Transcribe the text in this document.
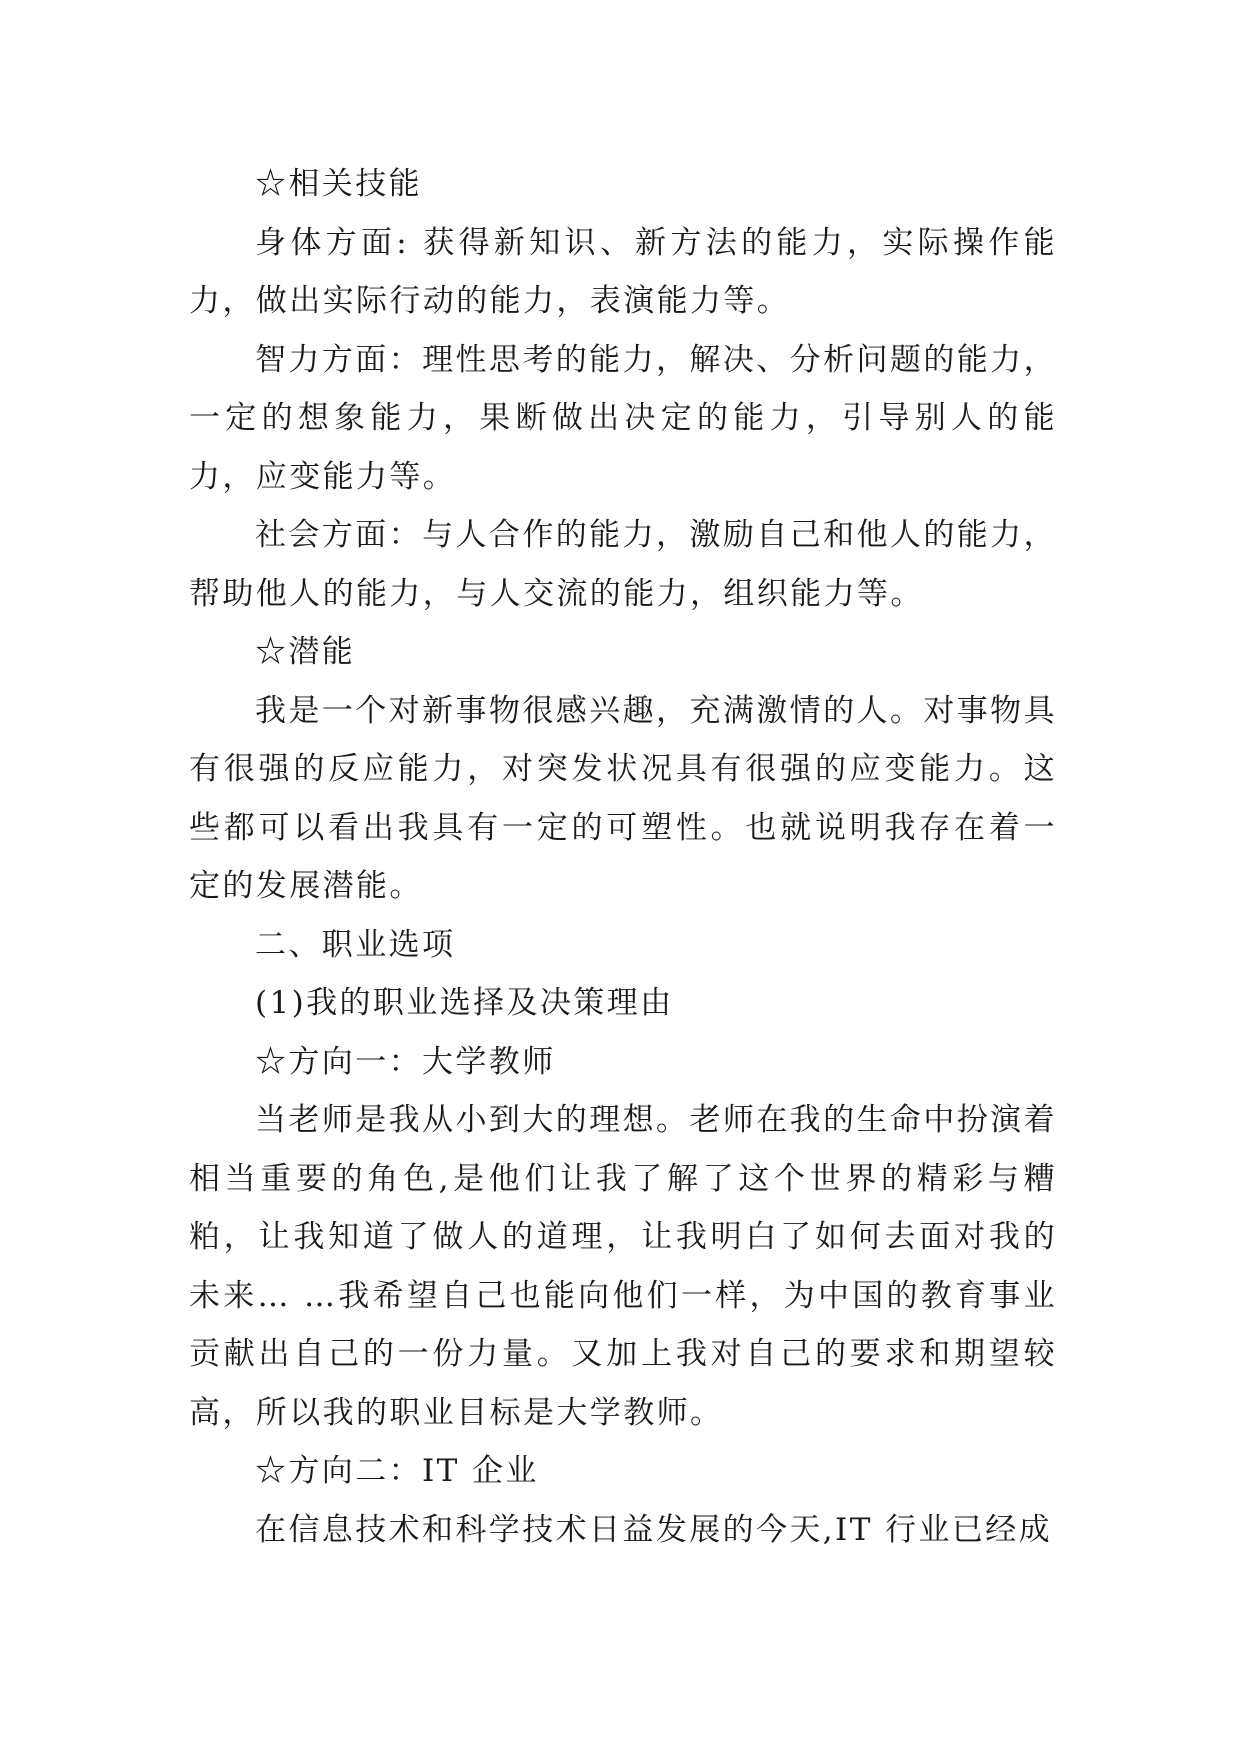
☆相关技能

身体方面: 获得新知识、新方法的能力，实际操作能力，做出实际行动的能力，表演能力等。

智力方面：理性思考的能力，解决、分析问题的能力，一定的想象能力，果断做出决定的能力，引导别人的能力，应变能力等。

社会方面：与人合作的能力，激励自己和他人的能力，帮助他人的能力，与人交流的能力，组织能力等。

☆潜能

我是一个对新事物很感兴趣，充满激情的人。对事物具有很强的反应能力，对突发状况具有很强的应变能力。这些都可以看出我具有一定的可塑性。也就说明我存在着一定的发展潜能。

二、职业选项

(1)我的职业选择及决策理由

☆方向一：大学教师

当老师是我从小到大的理想。老师在我的生命中扮演着相当重要的角色,是他们让我了解了这个世界的精彩与糟粕，让我知道了做人的道理，让我明白了如何去面对我的未来… …我希望自己也能向他们一样，为中国的教育事业贡献出自己的一份力量。又加上我对自己的要求和期望较高，所以我的职业目标是大学教师。

☆方向二：IT 企业

在信息技术和科学技术日益发展的今天,IT 行业已经成
